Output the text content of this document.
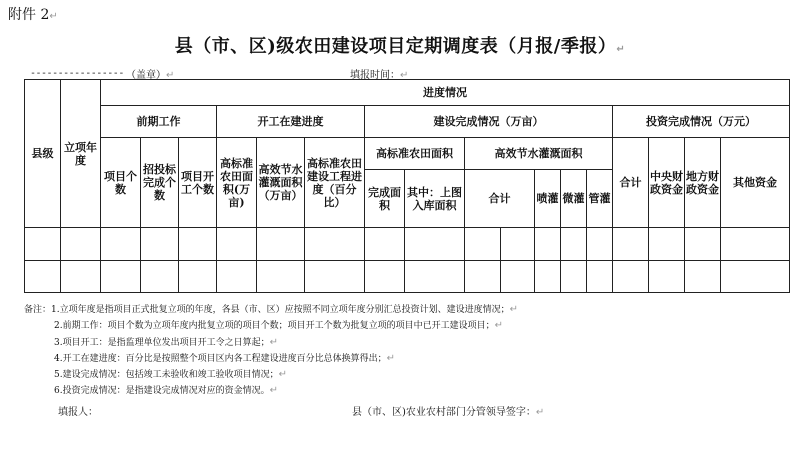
附件 2↵
县（市、区)级农田建设项目定期调度表（月报/季报）↵
----------------- （盖章）↵	填报时间：↵
县级	立项年度	进度情况																
		前期工作			开工在建进度			建设完成情况（万亩）							投资完成情况（万元）			
		项目个数	招投标完成个数	项目开工个数	高标准农田面积(万亩)	高效节水灌溉面积（万亩）	高标准农田建设工程进度（百分比）	高标准农田面积		高效节水灌溉面积					合计	中央财政资金	地方财政资金	其他资金
								完成面积	其中：上图入库面积	合计		喷灌	微灌	管灌				

备注：1.立项年度是指项目正式批复立项的年度，各县（市、区）应按照不同立项年度分别汇总投资计划、建设进度情况；↵
2.前期工作：项目个数为立项年度内批复立项的项目个数；项目开工个数为批复立项的项目中已开工建设项目；↵
3.项目开工：是指监理单位发出项目开工令之日算起；↵
4.开工在建进度：百分比是按照整个项目区内各工程建设进度百分比总体换算得出；↵
5.建设完成情况：包括竣工未验收和竣工验收项目情况；↵
6.投资完成情况：是指建设完成情况对应的资金情况。↵
填报人：	县（市、区)农业农村部门分管领导签字：↵
